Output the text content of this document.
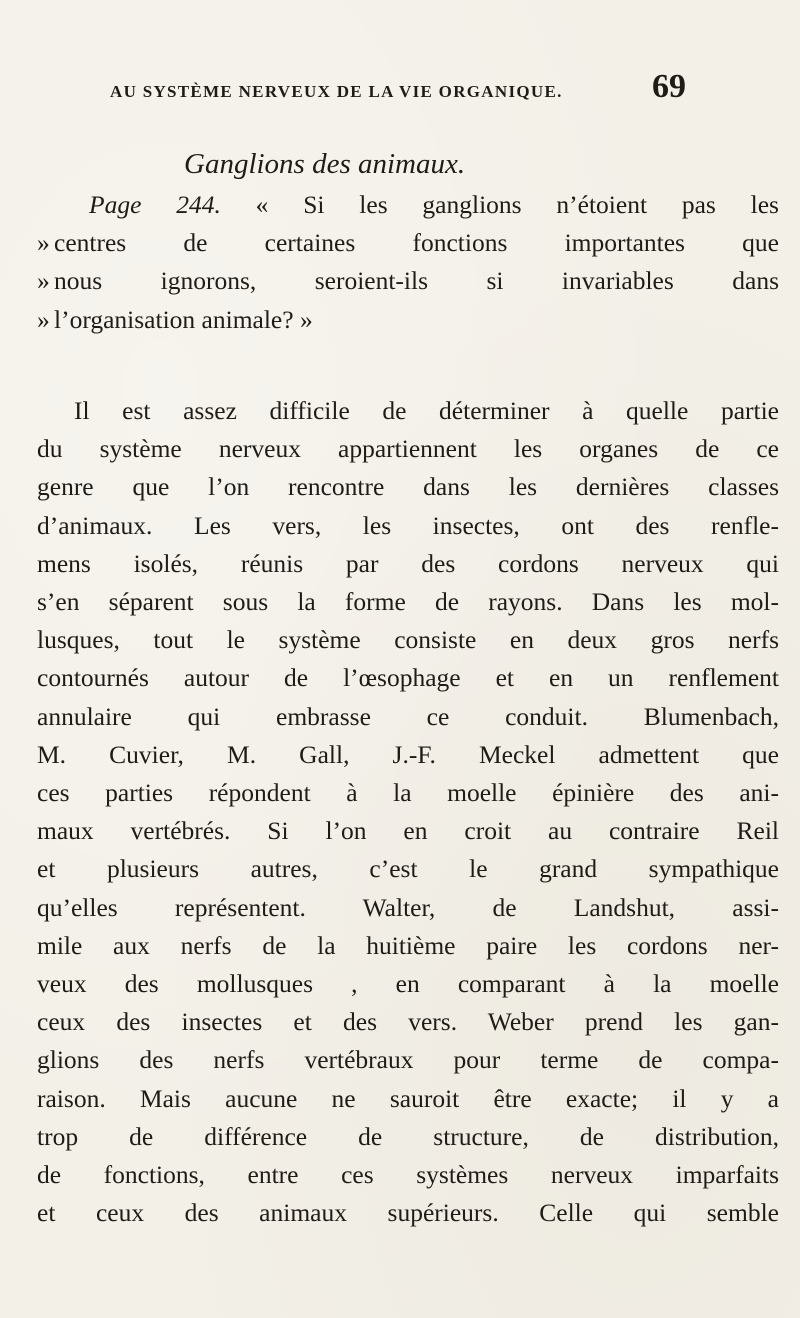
AU SYSTÈME NERVEUX DE LA VIE ORGANIQUE.	69
Ganglions des animaux.
Page 244. « Si les ganglions n’étoient pas les
» centres de certaines fonctions importantes que
» nous ignorons, seroient-ils si invariables dans
» l’organisation animale? »
Il est assez difficile de déterminer à quelle partie
du système nerveux appartiennent les organes de ce
genre que l’on rencontre dans les dernières classes
d’animaux. Les vers, les insectes, ont des renfle-
mens isolés, réunis par des cordons nerveux qui
s’en séparent sous la forme de rayons. Dans les mol-
lusques, tout le système consiste en deux gros nerfs
contournés autour de l’œsophage et en un renflement
annulaire qui embrasse ce conduit. Blumenbach,
M. Cuvier, M. Gall, J.-F. Meckel admettent que
ces parties répondent à la moelle épinière des ani-
maux vertébrés. Si l’on en croit au contraire Reil
et plusieurs autres, c’est le grand sympathique
qu’elles représentent. Walter, de Landshut, assi-
mile aux nerfs de la huitième paire les cordons ner-
veux des mollusques , en comparant à la moelle
ceux des insectes et des vers. Weber prend les gan-
glions des nerfs vertébraux pour terme de compa-
raison. Mais aucune ne sauroit être exacte; il y a
trop de différence de structure, de distribution,
de fonctions, entre ces systèmes nerveux imparfaits
et ceux des animaux supérieurs. Celle qui semble
